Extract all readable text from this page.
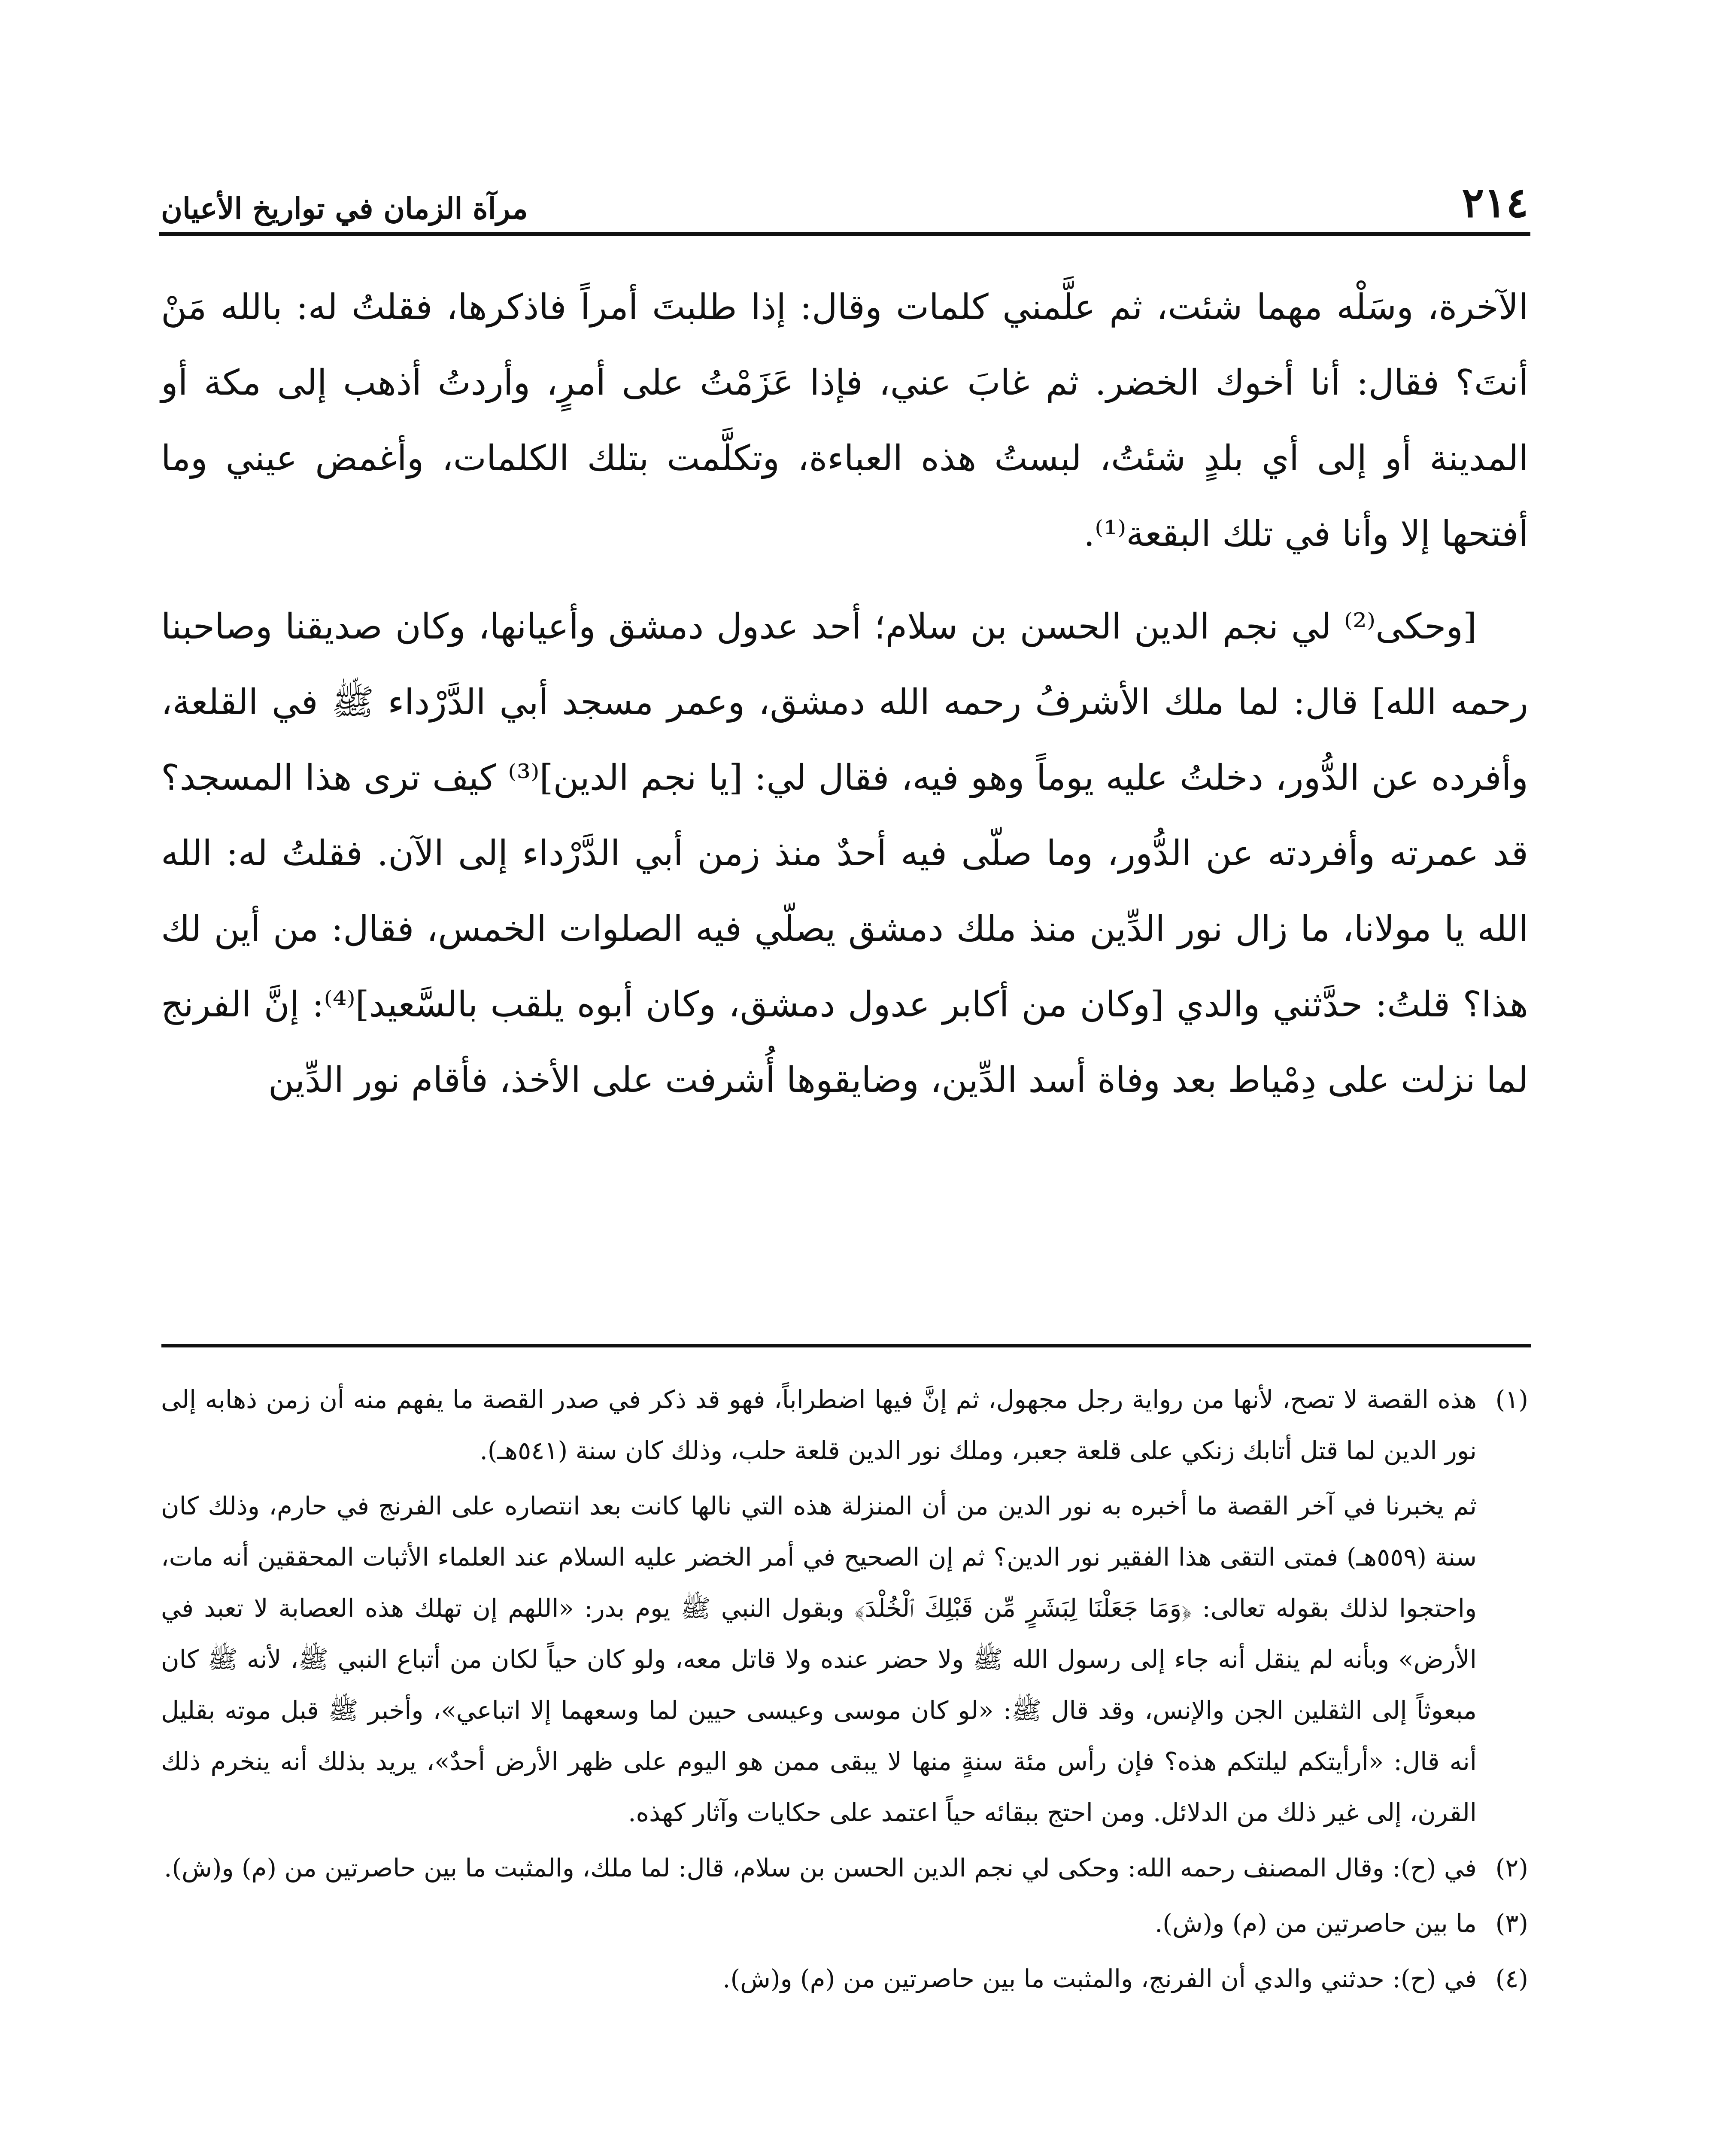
٢١٤
مرآة الزمان في تواريخ الأعيان

الآخرة، وسَلْه مهما شئت، ثم علَّمني كلمات وقال: إذا طلبتَ أمراً فاذكرها، فقلتُ له: بالله مَنْ أنتَ؟ فقال: أنا أخوك الخضر. ثم غابَ عني، فإذا عَزَمْتُ على أمرٍ، وأردتُ أذهب إلى مكة أو المدينة أو إلى أي بلدٍ شئتُ، لبستُ هذه العباءة، وتكلَّمت بتلك الكلمات، وأغمض عيني وما أفتحها إلا وأنا في تلك البقعة⁽¹⁾.

[وحكى⁽²⁾ لي نجم الدين الحسن بن سلام؛ أحد عدول دمشق وأعيانها، وكان صديقنا وصاحبنا رحمه الله] قال: لما ملك الأشرفُ رحمه الله دمشق، وعمر مسجد أبي الدَّرْداء ﷺ في القلعة، وأفرده عن الدُّور، دخلتُ عليه يوماً وهو فيه، فقال لي: [يا نجم الدين]⁽³⁾ كيف ترى هذا المسجد؟ قد عمرته وأفردته عن الدُّور، وما صلّى فيه أحدٌ منذ زمن أبي الدَّرْداء إلى الآن. فقلتُ له: الله الله يا مولانا، ما زال نور الدِّين منذ ملك دمشق يصلّي فيه الصلوات الخمس، فقال: من أين لك هذا؟ قلتُ: حدَّثني والدي [وكان من أكابر عدول دمشق، وكان أبوه يلقب بالسَّعيد]⁽⁴⁾: إنَّ الفرنج لما نزلت على دِمْياط بعد وفاة أسد الدِّين، وضايقوها أُشرفت على الأخذ، فأقام نور الدِّين

(١)

هذه القصة لا تصح، لأنها من رواية رجل مجهول، ثم إنَّ فيها اضطراباً، فهو قد ذكر في صدر القصة ما يفهم منه أن زمن ذهابه إلى نور الدين لما قتل أتابك زنكي على قلعة جعبر، وملك نور الدين قلعة حلب، وذلك كان سنة (٥٤١هـ).

ثم يخبرنا في آخر القصة ما أخبره به نور الدين من أن المنزلة هذه التي نالها كانت بعد انتصاره على الفرنج في حارم، وذلك كان سنة (٥٥٩هـ) فمتى التقى هذا الفقير نور الدين؟ ثم إن الصحيح في أمر الخضر عليه السلام عند العلماء الأثبات المحققين أنه مات، واحتجوا لذلك بقوله تعالى: ﴿وَمَا جَعَلْنَا لِبَشَرٍ مِّن قَبْلِكَ ٱلْخُلْدَ﴾ وبقول النبي ﷺ يوم بدر: «اللهم إن تهلك هذه العصابة لا تعبد في الأرض» وبأنه لم ينقل أنه جاء إلى رسول الله ﷺ ولا حضر عنده ولا قاتل معه، ولو كان حياً لكان من أتباع النبي ﷺ، لأنه ﷺ كان مبعوثاً إلى الثقلين الجن والإنس، وقد قال ﷺ: «لو كان موسى وعيسى حيين لما وسعهما إلا اتباعي»، وأخبر ﷺ قبل موته بقليل أنه قال: «أرأيتكم ليلتكم هذه؟ فإن رأس مئة سنةٍ منها لا يبقى ممن هو اليوم على ظهر الأرض أحدٌ»، يريد بذلك أنه ينخرم ذلك القرن، إلى غير ذلك من الدلائل. ومن احتج ببقائه حياً اعتمد على حكايات وآثار كهذه.

(٢)

في (ح): وقال المصنف رحمه الله: وحكى لي نجم الدين الحسن بن سلام، قال: لما ملك، والمثبت ما بين حاصرتين من (م) و(ش).

(٣)

ما بين حاصرتين من (م) و(ش).

(٤)

في (ح): حدثني والدي أن الفرنج، والمثبت ما بين حاصرتين من (م) و(ش).
